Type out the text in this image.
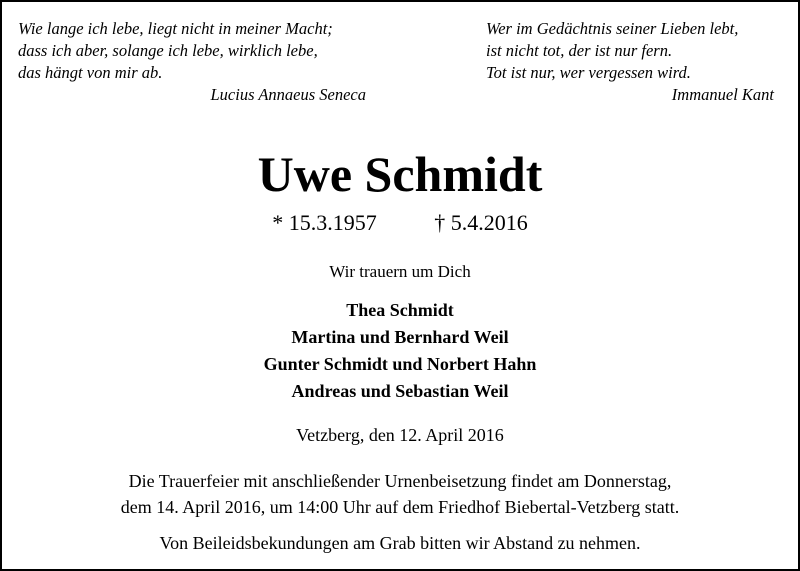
Wie lange ich lebe, liegt nicht in meiner Macht;
dass ich aber, solange ich lebe, wirklich lebe,
das hängt von mir ab.
Lucius Annaeus Seneca
Wer im Gedächtnis seiner Lieben lebt,
ist nicht tot, der ist nur fern.
Tot ist nur, wer vergessen wird.
Immanuel Kant
Uwe Schmidt
* 15.3.1957	† 5.4.2016
Wir trauern um Dich
Thea Schmidt
Martina und Bernhard Weil
Gunter Schmidt und Norbert Hahn
Andreas und Sebastian Weil
Vetzberg, den 12. April 2016
Die Trauerfeier mit anschließender Urnenbeisetzung findet am Donnerstag,
dem 14. April 2016, um 14:00 Uhr auf dem Friedhof Biebertal-Vetzberg statt.
Von Beileidsbekundungen am Grab bitten wir Abstand zu nehmen.
